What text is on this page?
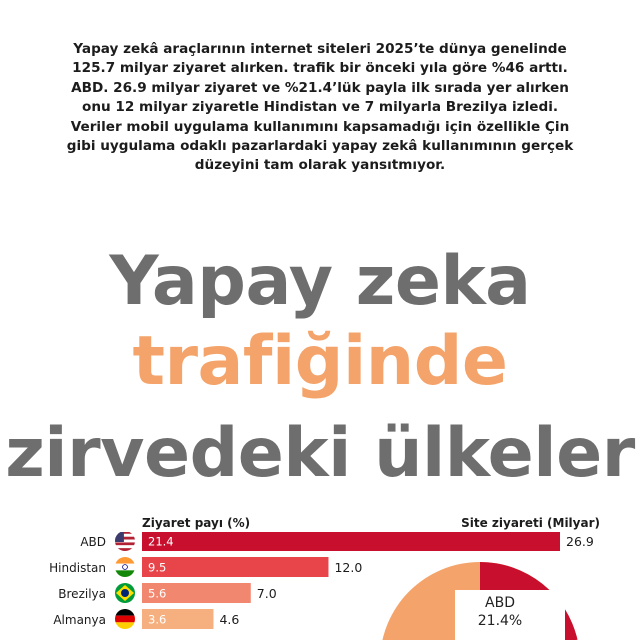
Yapay zekâ araçlarının internet siteleri 2025’te dünya genelinde 125.7 milyar ziyaret alırken. trafik bir önceki yıla göre %46 arttı. ABD. 26.9 milyar ziyaret ve %21.4’lük payla ilk sırada yer alırken onu 12 milyar ziyaretle Hindistan ve 7 milyarla Brezilya izledi. Veriler mobil uygulama kullanımını kapsamadığı için özellikle Çin gibi uygulama odaklı pazarlardaki yapay zekâ kullanımının gerçek düzeyini tam olarak yansıtmıyor.
Yapay zeka
trafiğinde
zirvedeki ülkeler
Ziyaret payı (%)	Site ziyareti (Milyar)
ABD	21.4	26.9
Hindistan	9.5	12.0
Brezilya	5.6	7.0
Almanya	3.6	4.6
ABD
21.4%
